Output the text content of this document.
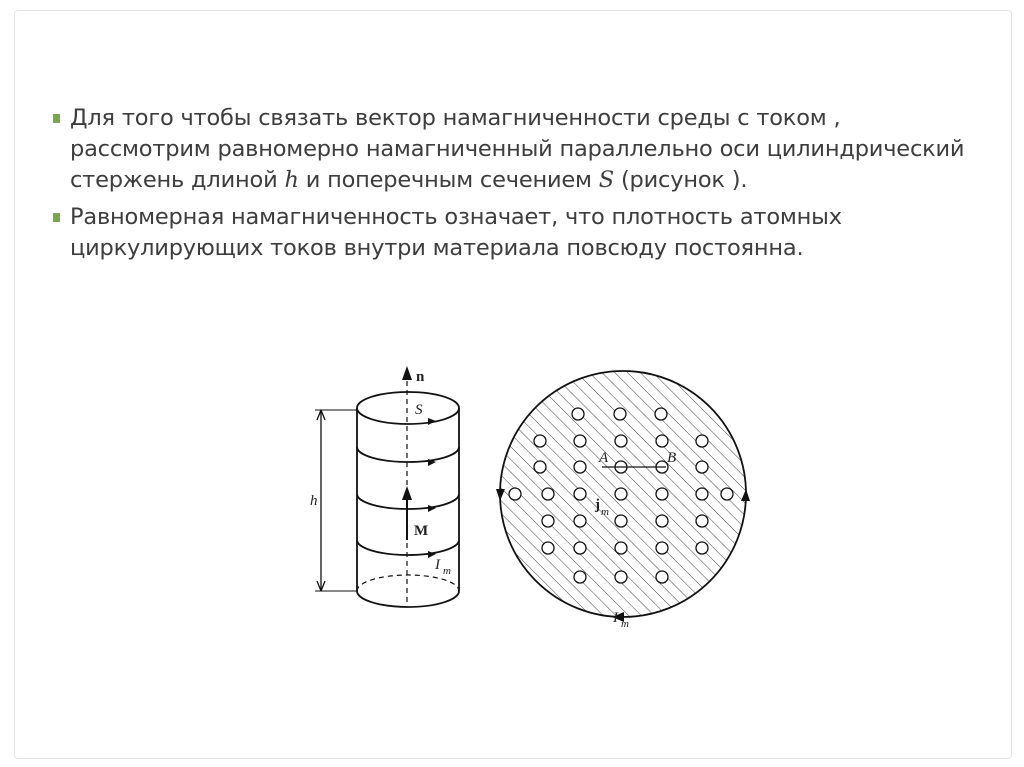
Для того чтобы связать вектор намагниченности среды с током , рассмотрим равномерно намагниченный параллельно оси цилиндрический стержень длиной h и поперечным сечением S (рисунок ).
Равномерная намагниченность означает, что плотность атомных циркулирующих токов внутри материала повсюду постоянна.
n
S
h
M
I m
A	B
j m
I m
